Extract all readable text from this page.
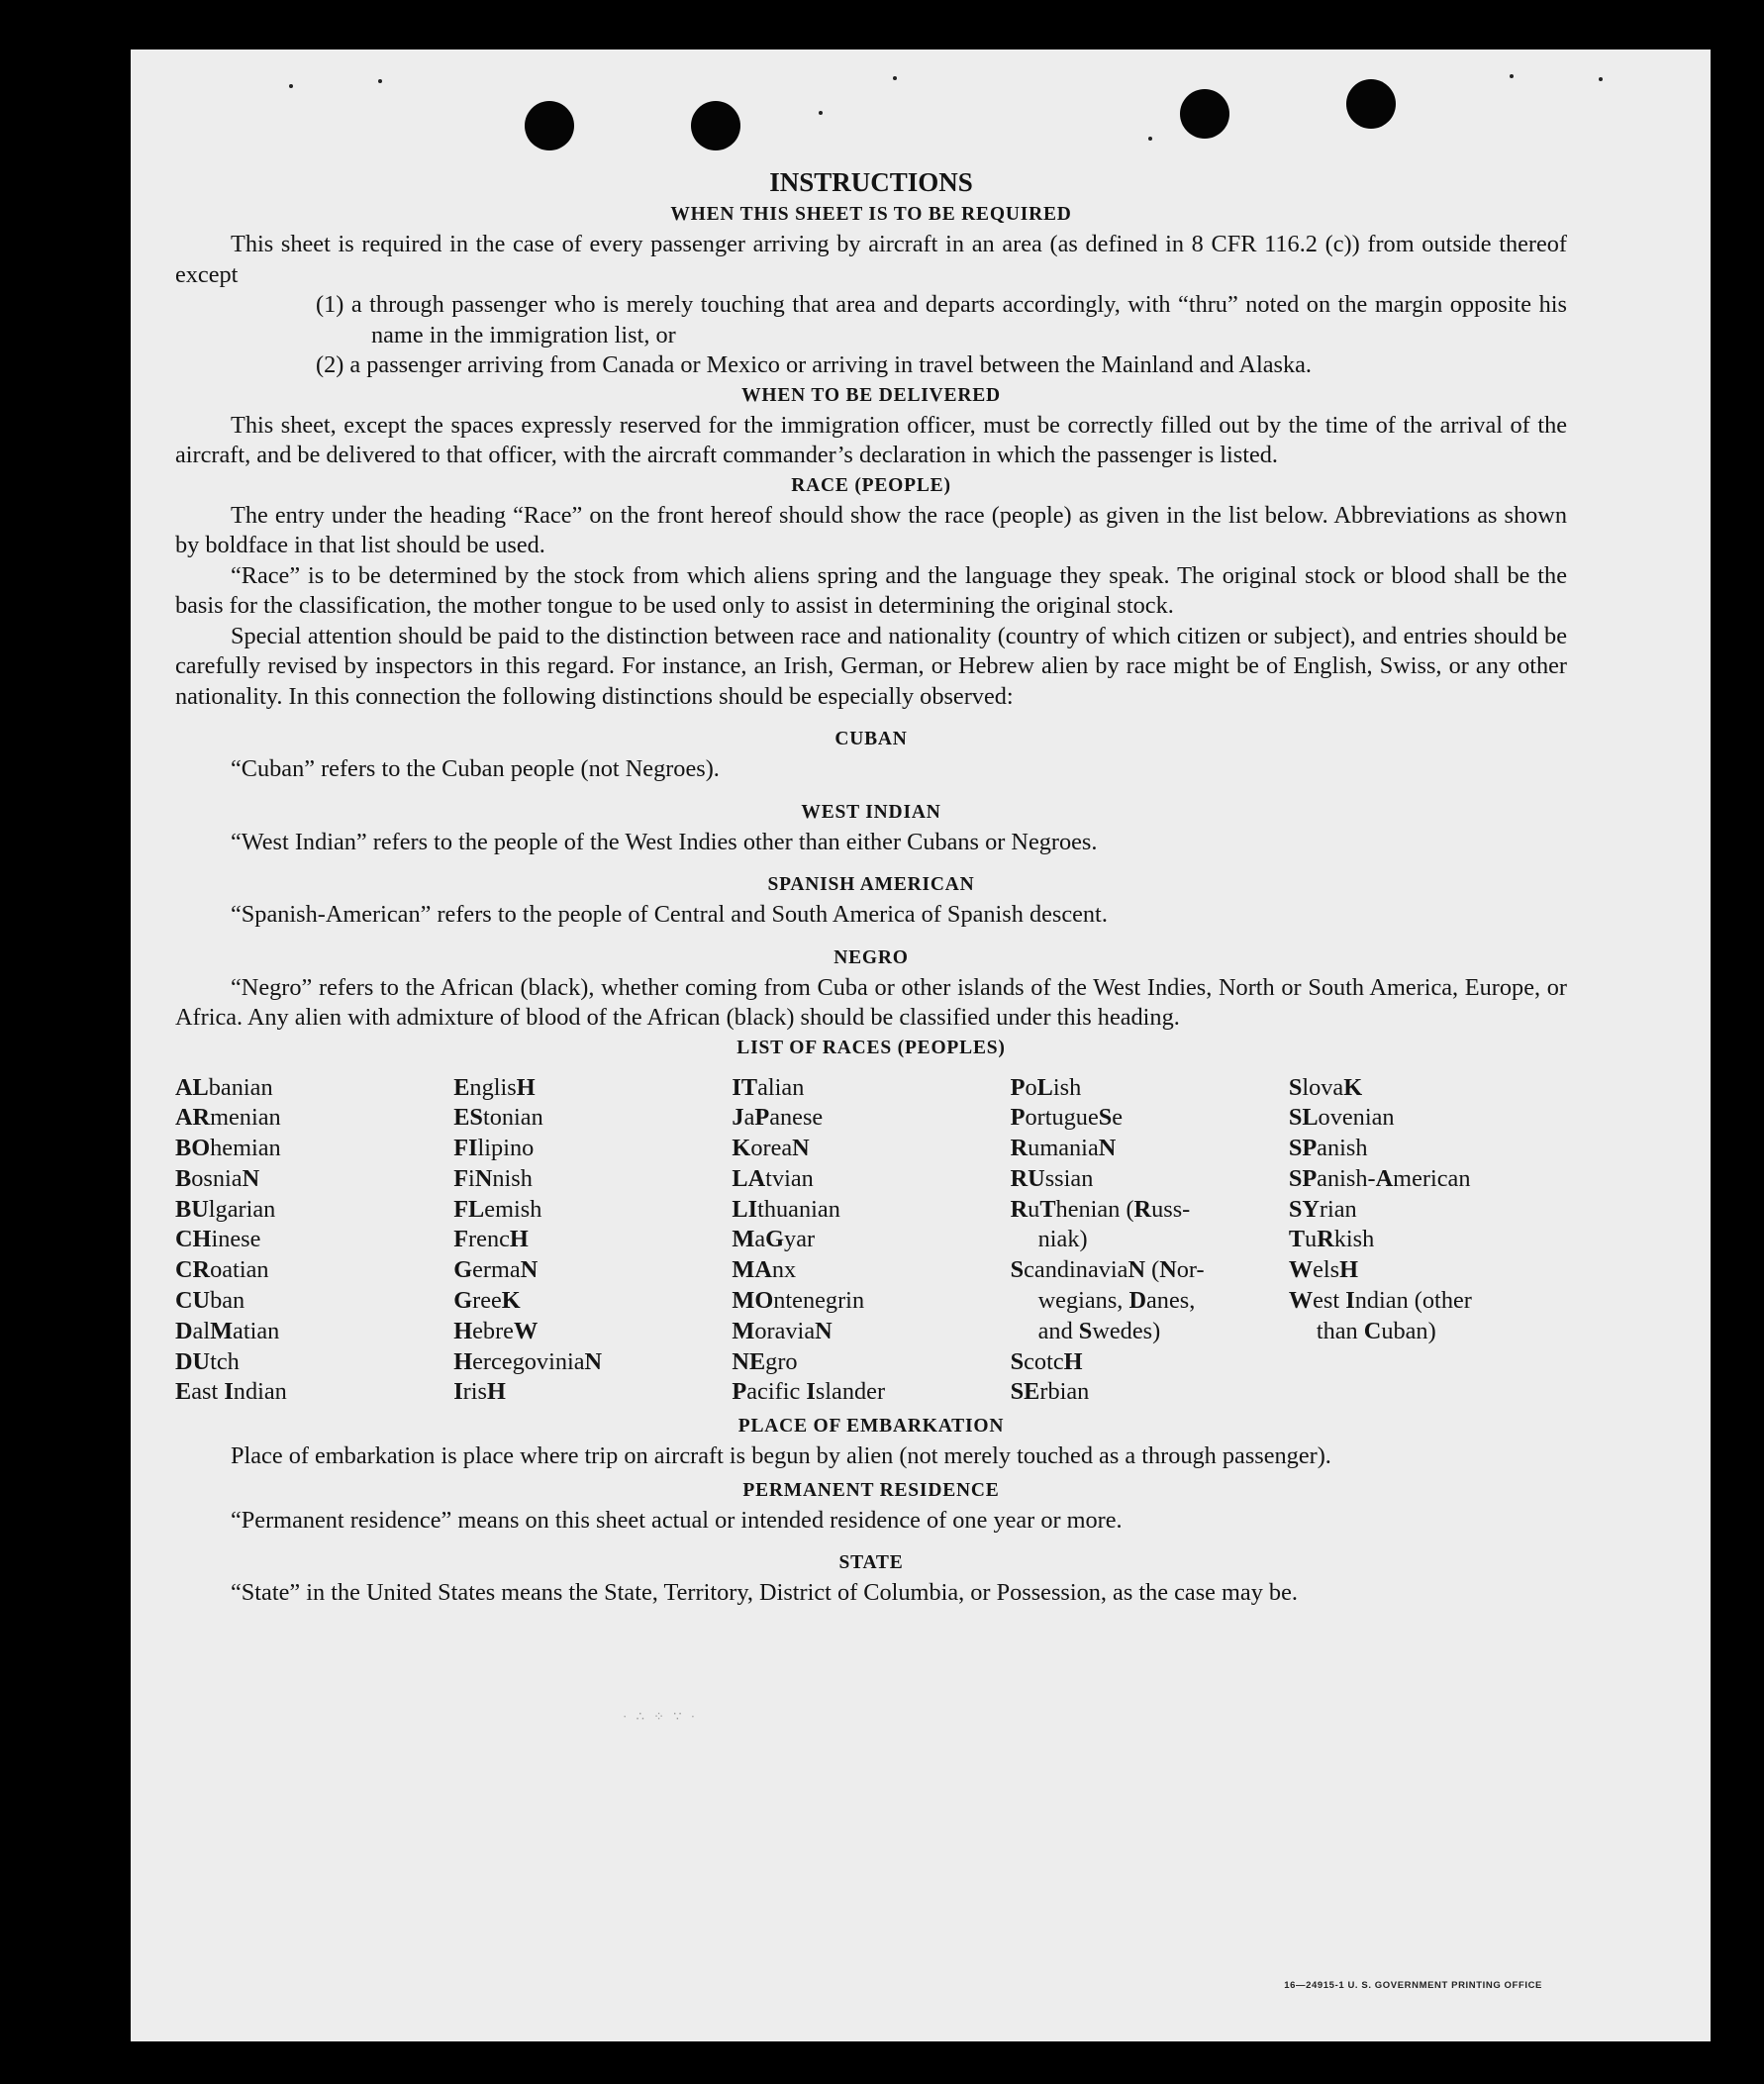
INSTRUCTIONS

WHEN THIS SHEET IS TO BE REQUIRED

This sheet is required in the case of every passenger arriving by aircraft in an area (as defined in 8 CFR 116.2 (c)) from outside thereof except

(1) a through passenger who is merely touching that area and departs accordingly, with “thru” noted on the margin opposite his name in the immigration list, or

(2) a passenger arriving from Canada or Mexico or arriving in travel between the Mainland and Alaska.

WHEN TO BE DELIVERED

This sheet, except the spaces expressly reserved for the immigration officer, must be correctly filled out by the time of the arrival of the aircraft, and be delivered to that officer, with the aircraft commander’s declaration in which the passenger is listed.

RACE (PEOPLE)

The entry under the heading “Race” on the front hereof should show the race (people) as given in the list below. Abbreviations as shown by boldface in that list should be used.

“Race” is to be determined by the stock from which aliens spring and the language they speak. The original stock or blood shall be the basis for the classification, the mother tongue to be used only to assist in determining the original stock.

Special attention should be paid to the distinction between race and nationality (country of which citizen or subject), and entries should be carefully revised by inspectors in this regard. For instance, an Irish, German, or Hebrew alien by race might be of English, Swiss, or any other nationality. In this connection the following distinctions should be especially observed:

CUBAN

“Cuban” refers to the Cuban people (not Negroes).

WEST INDIAN

“West Indian” refers to the people of the West Indies other than either Cubans or Negroes.

SPANISH AMERICAN

“Spanish-American” refers to the people of Central and South America of Spanish descent.

NEGRO

“Negro” refers to the African (black), whether coming from Cuba or other islands of the West Indies, North or South America, Europe, or Africa. Any alien with admixture of blood of the African (black) should be classified under this heading.

LIST OF RACES (PEOPLES)

ALbanian
ARmenian
BOhemian
BosniaN
BUlgarian
CHinese
CRoatian
CUban
DalMatian
DUtch
East Indian
EnglisH
EStonian
FIlipino
FiNnish
FLemish
FrencH
GermaN
GreeK
HebreW
HercegoviniaN
IrisH
ITalian
JaPanese
KoreaN
LAtvian
LIthuanian
MaGyar
MAnx
MOntenegrin
MoraviaN
NEgro
Pacific Islander
PoLish
PortugueSe
RumaniaN
RUssian
RuThenian (Russ-
niak)
ScandinaviaN (Nor-
wegians, Danes,
and Swedes)
ScotcH
SErbian
SlovaK
SLovenian
SPanish
SPanish-American
SYrian
TuRkish
WelsH
West Indian (other
than Cuban)

PLACE OF EMBARKATION

Place of embarkation is place where trip on aircraft is begun by alien (not merely touched as a through passenger).

PERMANENT RESIDENCE

“Permanent residence” means on this sheet actual or intended residence of one year or more.

STATE

“State” in the United States means the State, Territory, District of Columbia, or Possession, as the case may be.

· ∴ ⁘ ∵ ·
16—24915-1 U. S. GOVERNMENT PRINTING OFFICE
